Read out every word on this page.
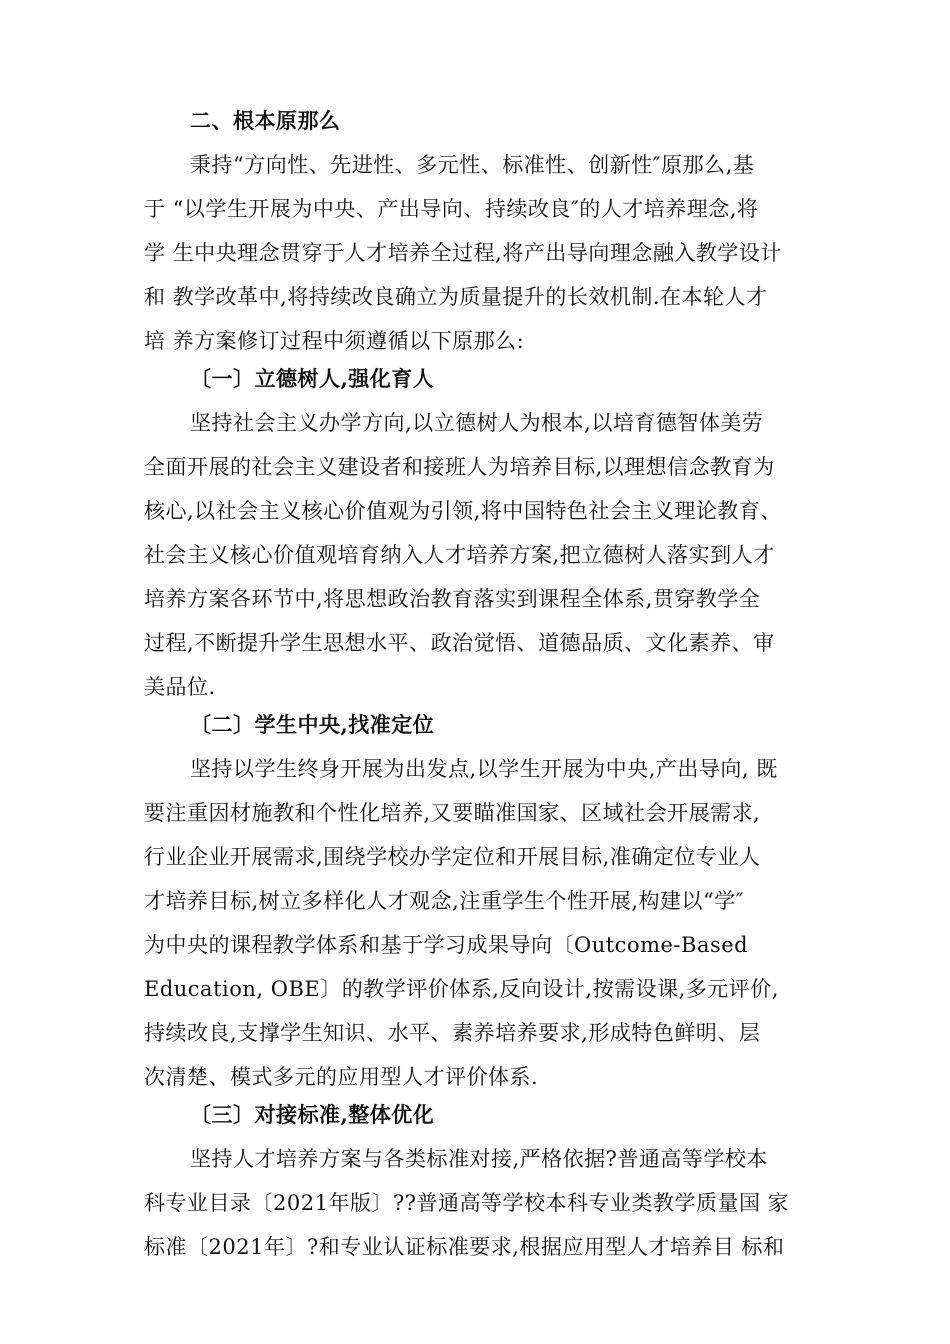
二、根本原那么
秉持“方向性、先进性、多元性、标准性、创新性″原那么,基
于 “以学生开展为中央、产出导向、持续改良″的人才培养理念,将
学 生中央理念贯穿于人才培养全过程,将产出导向理念融入教学设计
和 教学改革中,将持续改良确立为质量提升的长效机制.在本轮人才
培 养方案修订过程中须遵循以下原那么:
〔一〕立德树人,强化育人
坚持社会主义办学方向,以立德树人为根本,以培育德智体美劳
全面开展的社会主义建设者和接班人为培养目标,以理想信念教育为
核心,以社会主义核心价值观为引领,将中国特色社会主义理论教育、
社会主义核心价值观培育纳入人才培养方案,把立德树人落实到人才
培养方案各环节中,将思想政治教育落实到课程全体系,贯穿教学全
过程,不断提升学生思想水平、政治觉悟、道德品质、文化素养、审
美品位.
〔二〕学生中央,找准定位
坚持以学生终身开展为出发点,以学生开展为中央,产出导向, 既
要注重因材施教和个性化培养,又要瞄准国家、区域社会开展需求,
行业企业开展需求,围绕学校办学定位和开展目标,准确定位专业人
才培养目标,树立多样化人才观念,注重学生个性开展,构建以“学″
为中央的课程教学体系和基于学习成果导向〔Outcome-Based
Education, OBE〕的教学评价体系,反向设计,按需设课,多元评价,
持续改良,支撑学生知识、水平、素养培养要求,形成特色鲜明、层
次清楚、模式多元的应用型人才评价体系.
〔三〕对接标准,整体优化
坚持人才培养方案与各类标准对接,严格依据?普通高等学校本
科专业目录〔2021年版〕??普通高等学校本科专业类教学质量国 家
标准〔2021年〕?和专业认证标准要求,根据应用型人才培养目 标和
